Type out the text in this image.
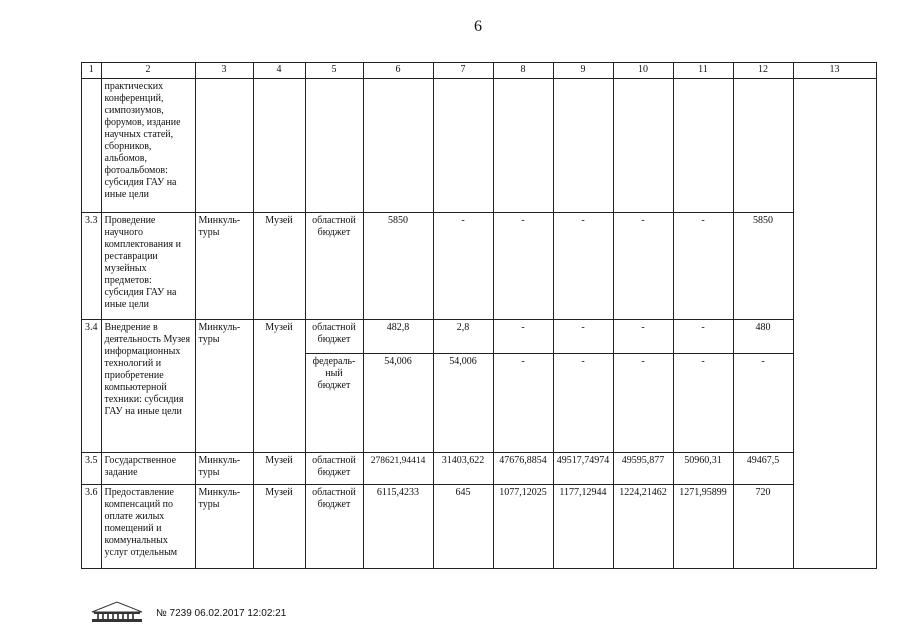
6
1	2	3	4	5	6	7	8	9	10	11	12	13
	практических конференций, симпозиумов, форумов, издание научных статей, сборников, альбомов, фотоальбомов: субсидия ГАУ на иные цели											
3.3	Проведение научного комплектования и реставрации музейных предметов: субсидия ГАУ на иные цели	Минкуль-туры	Музей	областной бюджет	5850	-	-	-	-	-	5850	
3.4	Внедрение в деятельность Музея информационных технологий и приобретение компьютерной техники: субсидия ГАУ на иные цели	Минкуль-туры	Музей	областной бюджет	482,8	2,8	-	-	-	-	480	
				федераль-ный бюджет	54,006	54,006	-	-	-	-	-	
3.5	Государственное задание	Минкуль-туры	Музей	областной бюджет	278621,94414	31403,622	47676,8854	49517,74974	49595,877	50960,31	49467,5	
3.6	Предоставление компенсаций по оплате жилых помещений и коммунальных услуг отдельным	Минкуль-туры	Музей	областной бюджет	6115,4233	645	1077,12025	1177,12944	1224,21462	1271,95899	720	
№ 7239 06.02.2017 12:02:21
